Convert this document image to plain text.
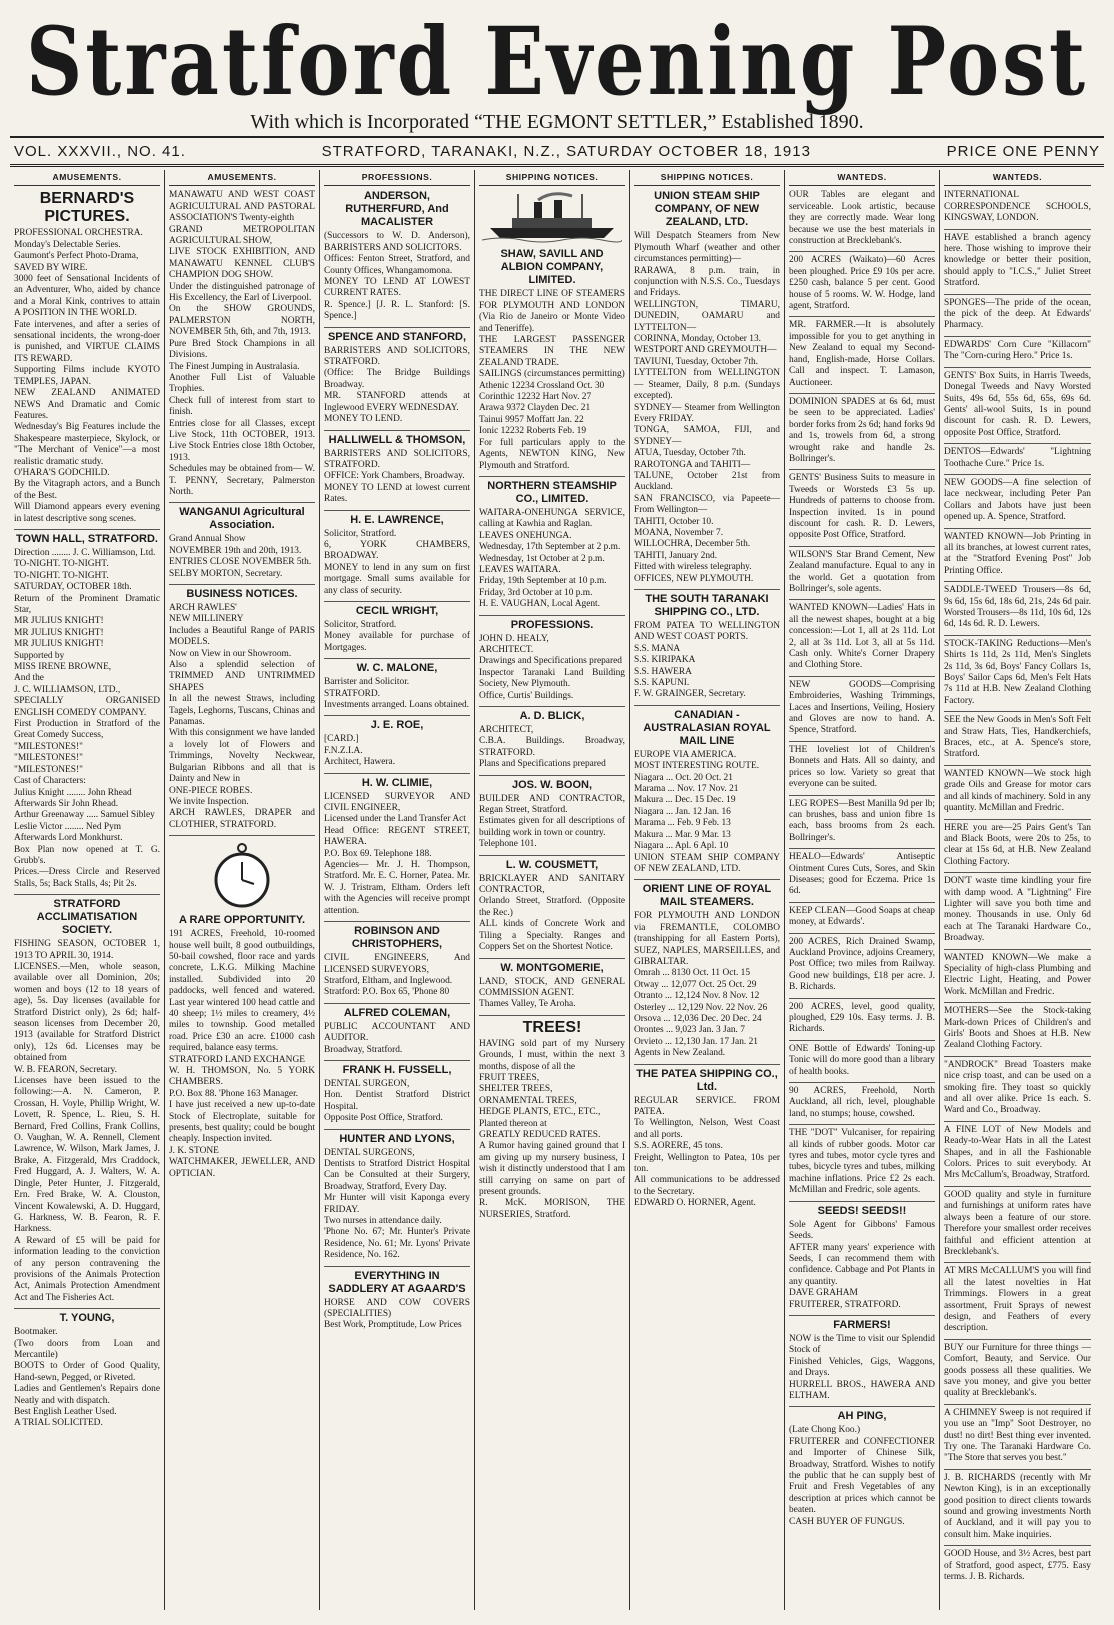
Stratford Evening Post
With which is Incorporated “THE EGMONT SETTLER,” Established 1890.
VOL. XXXVII., NO. 41.	STRATFORD, TARANAKI, N.Z., SATURDAY OCTOBER 18, 1913	PRICE ONE PENNY
AMUSEMENTS.
BERNARD'S PICTURES.

PROFESSIONAL ORCHESTRA.

Monday's Delectable Series.

Gaumont's Perfect Photo-Drama,

SAVED BY WIRE.

3000 feet of Sensational Incidents of an Adventurer, Who, aided by chance and a Moral Kink, contrives to attain A POSITION IN THE WORLD.

Fate intervenes, and after a series of sensational incidents, the wrong-doer is punished, and VIRTUE CLAIMS ITS REWARD.

Supporting Films include KYOTO TEMPLES, JAPAN.

NEW ZEALAND ANIMATED NEWS And Dramatic and Comic Features.

Wednesday's Big Features include the Shakespeare masterpiece, Skylock, or "The Merchant of Venice"—a most realistic dramatic study.

O'HARA'S GODCHILD.

By the Vitagraph actors, and a Bunch of the Best.

Will Diamond appears every evening in latest descriptive song scenes.

TOWN HALL, STRATFORD.

Direction ........ J. C. Williamson, Ltd.

TO-NIGHT. TO-NIGHT.

TO-NIGHT. TO-NIGHT.

SATURDAY, OCTOBER 18th.

Return of the Prominent Dramatic Star,

MR JULIUS KNIGHT!

MR JULIUS KNIGHT!

MR JULIUS KNIGHT!

Supported by

MISS IRENE BROWNE,

And the

J. C. WILLIAMSON, LTD.,

SPECIALLY ORGANISED ENGLISH COMEDY COMPANY.

First Production in Stratford of the Great Comedy Success,

"MILESTONES!"

"MILESTONES!"

"MILESTONES!"

Cast of Characters:

Julius Knight ........ John Rhead

Afterwards Sir John Rhead.

Arthur Greenaway ..... Samuel Sibley

Leslie Victor ........ Ned Pym

Afterwards Lord Monkhurst.

Box Plan now opened at T. G. Grubb's.

Prices.—Dress Circle and Reserved Stalls, 5s; Back Stalls, 4s; Pit 2s.

STRATFORD ACCLIMATISATION SOCIETY.

FISHING SEASON, OCTOBER 1, 1913 TO APRIL 30, 1914.

LICENSES.—Men, whole season, available over all Dominion, 20s; women and boys (12 to 18 years of age), 5s. Day licenses (available for Stratford District only), 2s 6d; half-season licenses from December 20, 1913 (available for Stratford District only), 12s 6d. Licenses may be obtained from

W. B. FEARON, Secretary.

Licenses have been issued to the following:—A. N. Cameron, P. Crossan, H. Voyle, Phillip Wright, W. Lovett, R. Spence, L. Rieu, S. H. Bernard, Fred Collins, Frank Collins, O. Vaughan, W. A. Rennell, Clement Lawrence, W. Wilson, Mark James, J. Brake, A. Fitzgerald, Mrs Craddock, Fred Huggard, A. J. Walters, W. A. Dingle, Peter Hunter, J. Fitzgerald, Ern. Fred Brake, W. A. Clouston, Vincent Kowalewski, A. D. Huggard, G. Harkness, W. B. Fearon, R. F. Harkness.

A Reward of £5 will be paid for information leading to the conviction of any person contravening the provisions of the Animals Protection Act, Animals Protection Amendment Act and The Fisheries Act.

T. YOUNG,

Bootmaker.

(Two doors from Loan and Mercantile)

BOOTS to Order of Good Quality, Hand-sewn, Pegged, or Riveted.

Ladies and Gentlemen's Repairs done Neatly and with dispatch.

Best English Leather Used.

A TRIAL SOLICITED.

AMUSEMENTS.

MANAWATU AND WEST COAST AGRICULTURAL AND PASTORAL ASSOCIATION'S Twenty-eighth

GRAND METROPOLITAN AGRICULTURAL SHOW,

LIVE STOCK EXHIBITION, AND MANAWATU KENNEL CLUB'S CHAMPION DOG SHOW.

Under the distinguished patronage of His Excellency, the Earl of Liverpool.

On the SHOW GROUNDS, PALMERSTON NORTH, NOVEMBER 5th, 6th, and 7th, 1913.

Pure Bred Stock Champions in all Divisions.

The Finest Jumping in Australasia.

Another Full List of Valuable Trophies.

Check full of interest from start to finish.

Entries close for all Classes, except Live Stock, 11th OCTOBER, 1913. Live Stock Entries close 18th October, 1913.

Schedules may be obtained from— W. T. PENNY, Secretary, Palmerston North.

WANGANUI Agricultural Association.

Grand Annual Show

NOVEMBER 19th and 20th, 1913.

ENTRIES CLOSE NOVEMBER 5th.

SELBY MORTON, Secretary.

BUSINESS NOTICES.

ARCH RAWLES'

NEW MILLINERY

Includes a Beautiful Range of PARIS MODELS.

Now on View in our Showroom.

Also a splendid selection of TRIMMED AND UNTRIMMED SHAPES

In all the newest Straws, including Tagels, Leghorns, Tuscans, Chinas and Panamas.

With this consignment we have landed a lovely lot of Flowers and Trimmings, Novelty Neckwear, Bulgarian Ribbons and all that is Dainty and New in

ONE-PIECE ROBES.

We invite Inspection.

ARCH RAWLES, DRAPER and CLOTHIER, STRATFORD.

A RARE OPPORTUNITY.

191 ACRES, Freehold, 10-roomed house well built, 8 good outbuildings, 50-bail cowshed, floor race and yards concrete, L.K.G. Milking Machine installed. Subdivided into 20 paddocks, well fenced and watered. Last year wintered 100 head cattle and 40 sheep; 1½ miles to creamery, 4½ miles to township. Good metalled road. Price £30 an acre. £1000 cash required, balance easy terms.

STRATFORD LAND EXCHANGE

W. H. THOMSON, No. 5 YORK CHAMBERS.

P.O. Box 88. 'Phone 163 Manager.

I have just received a new up-to-date Stock of Electroplate, suitable for presents, best quality; could be bought cheaply. Inspection invited.

J. K. STONE

WATCHMAKER, JEWELLER, AND OPTICIAN.

PROFESSIONS.
ANDERSON, RUTHERFURD, And MACALISTER

(Successors to W. D. Anderson), BARRISTERS AND SOLICITORS.

Offices: Fenton Street, Stratford, and County Offices, Whangamomona.

MONEY TO LEND AT LOWEST CURRENT RATES.

R. Spence.] [J. R. L. Stanford: [S. Spence.]

SPENCE AND STANFORD,

BARRISTERS AND SOLICITORS, STRATFORD.

(Office: The Bridge Buildings Broadway.

MR. STANFORD attends at Inglewood EVERY WEDNESDAY.

MONEY TO LEND.

HALLIWELL & THOMSON,

BARRISTERS AND SOLICITORS, STRATFORD.

OFFICE: York Chambers, Broadway.

MONEY TO LEND at lowest current Rates.

H. E. LAWRENCE,

Solicitor, Stratford.

6, YORK CHAMBERS, BROADWAY.

MONEY to lend in any sum on first mortgage. Small sums available for any class of security.

CECIL WRIGHT,

Solicitor, Stratford.

Money available for purchase of Mortgages.

W. C. MALONE,

Barrister and Solicitor.

STRATFORD.

Investments arranged. Loans obtained.

J. E. ROE,

[CARD.]

F.N.Z.I.A.

Architect, Hawera.

H. W. CLIMIE,

LICENSED SURVEYOR AND CIVIL ENGINEER,

Licensed under the Land Transfer Act

Head Office: REGENT STREET, HAWERA.

P.O. Box 69. Telephone 188.

Agencies— Mr. J. H. Thompson, Stratford. Mr. E. C. Horner, Patea. Mr. W. J. Tristram, Eltham. Orders left with the Agencies will receive prompt attention.

ROBINSON AND CHRISTOPHERS,

CIVIL ENGINEERS, And LICENSED SURVEYORS,

Stratford, Eltham, and Inglewood.

Stratford: P.O. Box 65, 'Phone 80

ALFRED COLEMAN,

PUBLIC ACCOUNTANT AND AUDITOR.

Broadway, Stratford.

FRANK H. FUSSELL,

DENTAL SURGEON,

Hon. Dentist Stratford District Hospital.

Opposite Post Office, Stratford.

HUNTER AND LYONS,

DENTAL SURGEONS,

Dentists to Stratford District Hospital Can be Consulted at their Surgery, Broadway, Stratford, Every Day.

Mr Hunter will visit Kaponga every FRIDAY.

Two nurses in attendance daily.

'Phone No. 67; Mr. Hunter's Private Residence, No. 61; Mr. Lyons' Private Residence, No. 162.

EVERYTHING IN SADDLERY AT AGAARD'S

HORSE AND COW COVERS (SPECIALITIES)

Best Work, Promptitude, Low Prices

SHIPPING NOTICES.
SHAW, SAVILL AND ALBION COMPANY, LIMITED.

THE DIRECT LINE OF STEAMERS FOR PLYMOUTH AND LONDON (Via Rio de Janeiro or Monte Video and Teneriffe).

THE LARGEST PASSENGER STEAMERS IN THE NEW ZEALAND TRADE.

SAILINGS (circumstances permitting)

Athenic 12234 Crossland Oct. 30

Corinthic 12232 Hart Nov. 27

Arawa 9372 Clayden Dec. 21

Tainui 9957 Moffatt Jan. 22

Ionic 12232 Roberts Feb. 19

For full particulars apply to the Agents, NEWTON KING, New Plymouth and Stratford.

NORTHERN STEAMSHIP CO., LIMITED.

WAITARA-ONEHUNGA SERVICE, calling at Kawhia and Raglan.

LEAVES ONEHUNGA.

Wednesday, 17th September at 2 p.m.

Wednesday, 1st October at 2 p.m.

LEAVES WAITARA.

Friday, 19th September at 10 p.m.

Friday, 3rd October at 10 p.m.

H. E. VAUGHAN, Local Agent.

PROFESSIONS.

JOHN D. HEALY,

ARCHITECT.

Drawings and Specifications prepared

Inspector Taranaki Land Building Society, New Plymouth.

Office, Curtis' Buildings.

A. D. BLICK,

ARCHITECT,

C.B.A. Buildings. Broadway, STRATFORD.

Plans and Specifications prepared

JOS. W. BOON,

BUILDER AND CONTRACTOR, Regan Street, Stratford.

Estimates given for all descriptions of building work in town or country.

Telephone 101.

L. W. COUSMETT,

BRICKLAYER AND SANITARY CONTRACTOR,

Orlando Street, Stratford. (Opposite the Rec.)

ALL kinds of Concrete Work and Tiling a Specialty. Ranges and Coppers Set on the Shortest Notice.

W. MONTGOMERIE,

LAND, STOCK, AND GENERAL COMMISSION AGENT.

Thames Valley, Te Aroha.

TREES!

HAVING sold part of my Nursery Grounds, I must, within the next 3 months, dispose of all the

FRUIT TREES,

SHELTER TREES,

ORNAMENTAL TREES,

HEDGE PLANTS, ETC., ETC.,

Planted thereon at

GREATLY REDUCED RATES.

A Rumor having gained ground that I am giving up my nursery business, I wish it distinctly understood that I am still carrying on same on part of present grounds.

R. McK. MORISON, THE NURSERIES, Stratford.

SHIPPING NOTICES.
UNION STEAM SHIP COMPANY, OF NEW ZEALAND, LTD.

Will Despatch Steamers from New Plymouth Wharf (weather and other circumstances permitting)—

RARAWA, 8 p.m. train, in conjunction with N.S.S. Co., Tuesdays and Fridays.

WELLINGTON, TIMARU, DUNEDIN, OAMARU and LYTTELTON—

CORINNA, Monday, October 13.

WESTPORT AND GREYMOUTH—

TAVIUNI, Tuesday, October 7th.

LYTTELTON from WELLINGTON— Steamer, Daily, 8 p.m. (Sundays excepted).

SYDNEY— Steamer from Wellington Every FRIDAY.

TONGA, SAMOA, FIJI, and SYDNEY—

ATUA, Tuesday, October 7th.

RAROTONGA and TAHITI—

TALUNE, October 21st from Auckland.

SAN FRANCISCO, via Papeete— From Wellington—

TAHITI, October 10.

MOANA, November 7.

WILLOCHRA, December 5th.

TAHITI, January 2nd.

Fitted with wireless telegraphy.

OFFICES, NEW PLYMOUTH.

THE SOUTH TARANAKI SHIPPING CO., LTD.

FROM PATEA TO WELLINGTON AND WEST COAST PORTS.

S.S. MANA

S.S. KIRIPAKA

S.S. HAWERA

S.S. KAPUNI.

F. W. GRAINGER, Secretary.

CANADIAN - AUSTRALASIAN ROYAL MAIL LINE

EUROPE VIA AMERICA.

MOST INTERESTING ROUTE.

Niagara ... Oct. 20 Oct. 21

Marama ... Nov. 17 Nov. 21

Makura ... Dec. 15 Dec. 19

Niagara ... Jan. 12 Jan. 16

Marama ... Feb. 9 Feb. 13

Makura ... Mar. 9 Mar. 13

Niagara ... Apl. 6 Apl. 10

UNION STEAM SHIP COMPANY OF NEW ZEALAND, LTD.

ORIENT LINE OF ROYAL MAIL STEAMERS.

FOR PLYMOUTH AND LONDON via FREMANTLE, COLOMBO (transhipping for all Eastern Ports), SUEZ, NAPLES, MARSEILLES, and GIBRALTAR.

Omrah ... 8130 Oct. 11 Oct. 15

Otway ... 12,077 Oct. 25 Oct. 29

Otranto ... 12,124 Nov. 8 Nov. 12

Osterley ... 12,129 Nov. 22 Nov. 26

Orsova ... 12,036 Dec. 20 Dec. 24

Orontes ... 9,023 Jan. 3 Jan. 7

Orvieto ... 12,130 Jan. 17 Jan. 21

Agents in New Zealand.

THE PATEA SHIPPING CO., Ltd.

REGULAR SERVICE. FROM PATEA.

To Wellington, Nelson, West Coast and all ports.

S.S. AORERE, 45 tons.

Freight, Wellington to Patea, 10s per ton.

All communications to be addressed to the Secretary.

EDWARD O. HORNER, Agent.

WANTEDS.

OUR Tables are elegant and serviceable. Look artistic, because they are correctly made. Wear long because we use the best materials in construction at Brecklebank's.

200 ACRES (Waikato)—60 Acres been ploughed. Price £9 10s per acre. £250 cash, balance 5 per cent. Good house of 5 rooms. W. W. Hodge, land agent, Stratford.

MR. FARMER.—It is absolutely impossible for you to get anything in New Zealand to equal my Second-hand, English-made, Horse Collars. Call and inspect. T. Lamason, Auctioneer.

DOMINION SPADES at 6s 6d, must be seen to be appreciated. Ladies' border forks from 2s 6d; hand forks 9d and 1s, trowels from 6d, a strong wrought rake and handle 2s. Bollringer's.

GENTS' Business Suits to measure in Tweeds or Worsteds £3 5s up. Hundreds of patterns to choose from. Inspection invited. 1s in pound discount for cash. R. D. Lewers, opposite Post Office, Stratford.

WILSON'S Star Brand Cement, New Zealand manufacture. Equal to any in the world. Get a quotation from Bollringer's, sole agents.

WANTED KNOWN—Ladies' Hats in all the newest shapes, bought at a big concession:—Lot 1, all at 2s 11d. Lot 2, all at 3s 11d. Lot 3, all at 5s 11d. Cash only. White's Corner Drapery and Clothing Store.

NEW GOODS—Comprising Embroideries, Washing Trimmings, Laces and Insertions, Veiling, Hosiery and Gloves are now to hand. A. Spence, Stratford.

THE loveliest lot of Children's Bonnets and Hats. All so dainty, and prices so low. Variety so great that everyone can be suited.

LEG ROPES—Best Manilla 9d per lb; can brushes, bass and union fibre 1s each, bass brooms from 2s each. Bollringer's.

HEALO—Edwards' Antiseptic Ointment Cures Cuts, Sores, and Skin Diseases; good for Eczema. Price 1s 6d.

KEEP CLEAN—Good Soaps at cheap money, at Edwards'.

200 ACRES, Rich Drained Swamp, Auckland Province, adjoins Creamery, Post Office; two miles from Railway. Good new buildings, £18 per acre. J. B. Richards.

200 ACRES, level, good quality, ploughed, £29 10s. Easy terms. J. B. Richards.

ONE Bottle of Edwards' Toning-up Tonic will do more good than a library of health books.

90 ACRES, Freehold, North Auckland, all rich, level, ploughable land, no stumps; house, cowshed.

THE "DOT" Vulcaniser, for repairing all kinds of rubber goods. Motor car tyres and tubes, motor cycle tyres and tubes, bicycle tyres and tubes, milking machine inflations. Price £2 2s each. McMillan and Fredric, sole agents.

SEEDS! SEEDS!!

Sole Agent for Gibbons' Famous Seeds.

AFTER many years' experience with Seeds, I can recommend them with confidence. Cabbage and Pot Plants in any quantity.

DAVE GRAHAM

FRUITERER, STRATFORD.

FARMERS!

NOW is the Time to visit our Splendid Stock of

Finished Vehicles, Gigs, Waggons, and Drays.

HURRELL BROS., HAWERA AND ELTHAM.

AH PING,

(Late Chong Koo.)

FRUITERER and CONFECTIONER and Importer of Chinese Silk, Broadway, Stratford. Wishes to notify the public that he can supply best of Fruit and Fresh Vegetables of any description at prices which cannot be beaten.

CASH BUYER OF FUNGUS.

WANTEDS.

INTERNATIONAL CORRESPONDENCE SCHOOLS, KINGSWAY, LONDON.

HAVE established a branch agency here. Those wishing to improve their knowledge or better their position, should apply to "I.C.S.," Juliet Street Stratford.

SPONGES—The pride of the ocean, the pick of the deep. At Edwards' Pharmacy.

EDWARDS' Corn Cure "Killacorn" The "Corn-curing Hero." Price 1s.

GENTS' Box Suits, in Harris Tweeds, Donegal Tweeds and Navy Worsted Suits, 49s 6d, 55s 6d, 65s, 69s 6d. Gents' all-wool Suits, 1s in pound discount for cash. R. D. Lewers, opposite Post Office, Stratford.

DENTOS—Edwards' "Lightning Toothache Cure." Price 1s.

NEW GOODS—A fine selection of lace neckwear, including Peter Pan Collars and Jabots have just been opened up. A. Spence, Stratford.

WANTED KNOWN—Job Printing in all its branches, at lowest current rates, at the "Stratford Evening Post" Job Printing Office.

SADDLE-TWEED Trousers—8s 6d, 9s 6d, 15s 6d, 18s 6d, 21s, 24s 6d pair. Worsted Trousers—8s 11d, 10s 6d, 12s 6d, 14s 6d. R. D. Lewers.

STOCK-TAKING Reductions—Men's Shirts 1s 11d, 2s 11d, Men's Singlets 2s 11d, 3s 6d, Boys' Fancy Collars 1s, Boys' Sailor Caps 6d, Men's Felt Hats 7s 11d at H.B. New Zealand Clothing Factory.

SEE the New Goods in Men's Soft Felt and Straw Hats, Ties, Handkerchiefs, Braces, etc., at A. Spence's store, Stratford.

WANTED KNOWN—We stock high grade Oils and Grease for motor cars and all kinds of machinery. Sold in any quantity. McMillan and Fredric.

HERE you are—25 Pairs Gent's Tan and Black Boots, were 20s to 25s, to clear at 15s 6d, at H.B. New Zealand Clothing Factory.

DON'T waste time kindling your fire with damp wood. A "Lightning" Fire Lighter will save you both time and money. Thousands in use. Only 6d each at The Taranaki Hardware Co., Broadway.

WANTED KNOWN—We make a Speciality of high-class Plumbing and Electric Light, Heating, and Power Work. McMillan and Fredric.

MOTHERS—See the Stock-taking Mark-down Prices of Children's and Girls' Boots and Shoes at H.B. New Zealand Clothing Factory.

"ANDROCK" Bread Toasters make nice crisp toast, and can be used on a smoking fire. They toast so quickly and all over alike. Price 1s each. S. Ward and Co., Broadway.

A FINE LOT of New Models and Ready-to-Wear Hats in all the Latest Shapes, and in all the Fashionable Colors. Prices to suit everybody. At Mrs McCallum's, Broadway, Stratford.

GOOD quality and style in furniture and furnishings at uniform rates have always been a feature of our store. Therefore your smallest order receives faithful and efficient attention at Brecklebank's.

AT MRS McCALLUM'S you will find all the latest novelties in Hat Trimmings. Flowers in a great assortment, Fruit Sprays of newest design, and Feathers of every description.

BUY our Furniture for three things —Comfort, Beauty, and Service. Our goods possess all these qualities. We save you money, and give you better quality at Brecklebank's.

A CHIMNEY Sweep is not required if you use an "Imp" Soot Destroyer, no dust! no dirt! Best thing ever invented. Try one. The Taranaki Hardware Co. "The Store that serves you best."

J. B. RICHARDS (recently with Mr Newton King), is in an exceptionally good position to direct clients towards sound and growing investments North of Auckland, and it will pay you to consult him. Make inquiries.

GOOD House, and 3½ Acres, best part of Stratford, good aspect, £775. Easy terms. J. B. Richards.
